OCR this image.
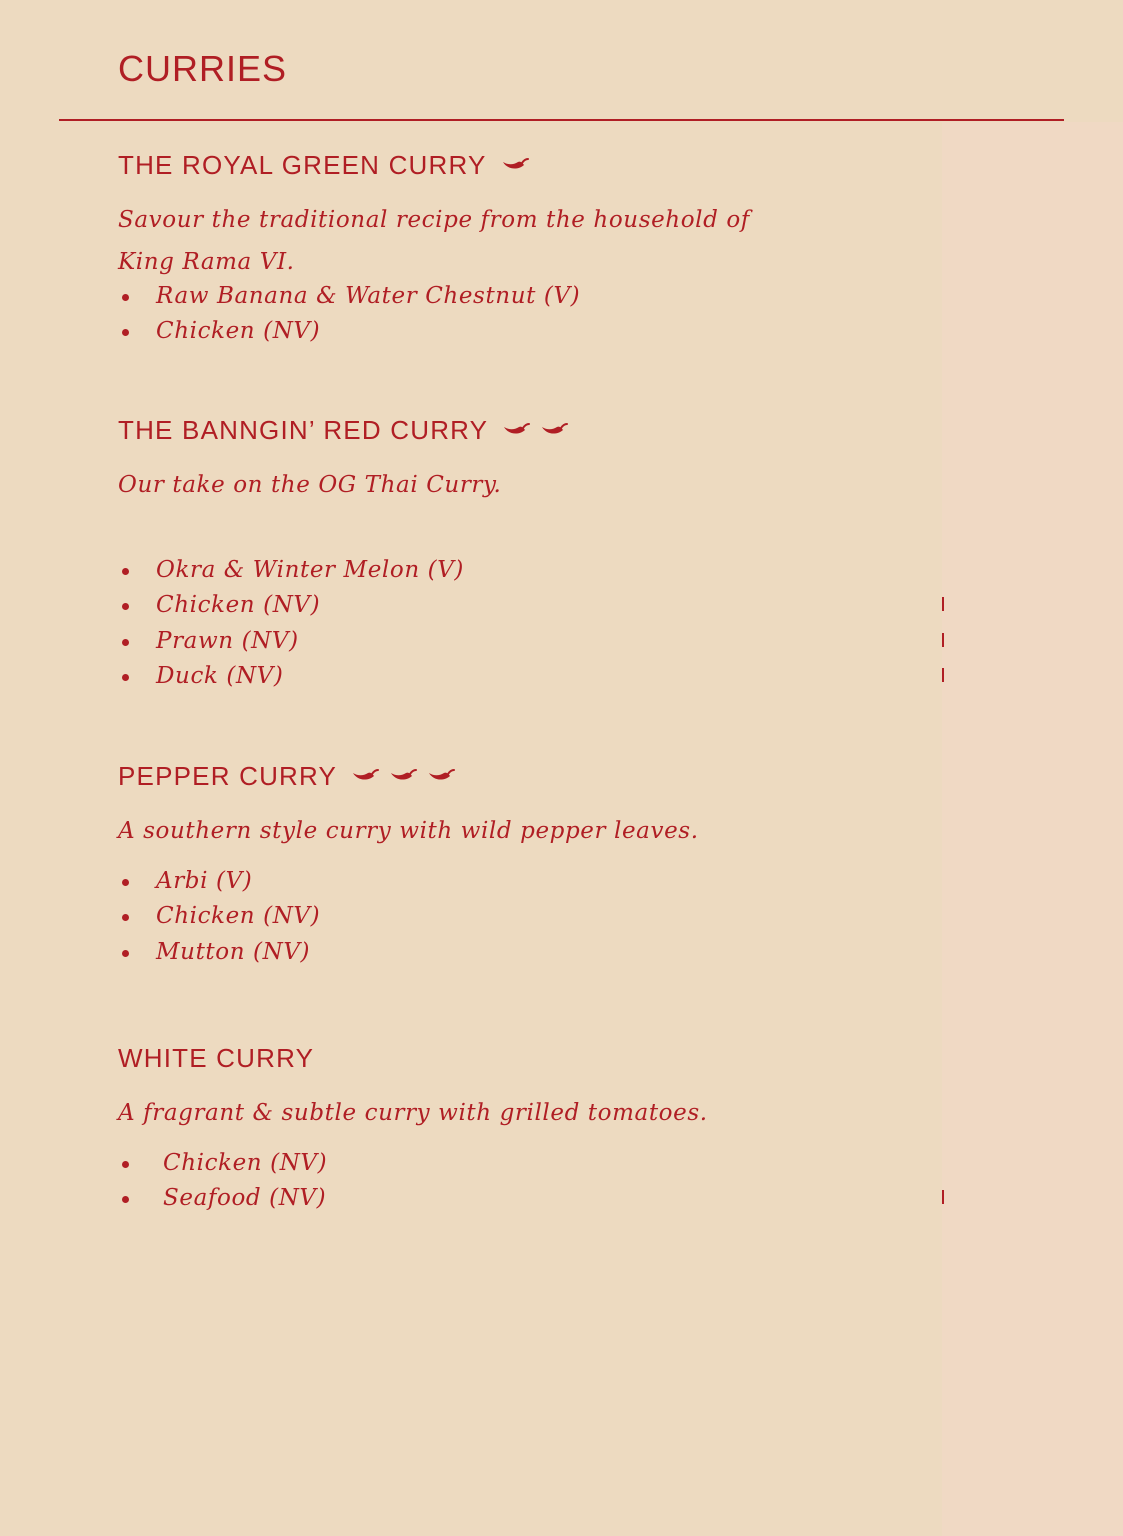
CURRIES
THE ROYAL GREEN CURRY

Savour the traditional recipe from the household of
King Rama VI.

Raw Banana & Water Chestnut (V)
Chicken (NV)
THE BANNGIN’ RED CURRY

Our take on the OG Thai Curry.

Okra & Winter Melon (V)
Chicken (NV)
Prawn (NV)
Duck (NV)
PEPPER CURRY

A southern style curry with wild pepper leaves.

Arbi (V)
Chicken (NV)
Mutton (NV)
WHITE CURRY

A fragrant & subtle curry with grilled tomatoes.

Chicken (NV)
Seafood (NV)
